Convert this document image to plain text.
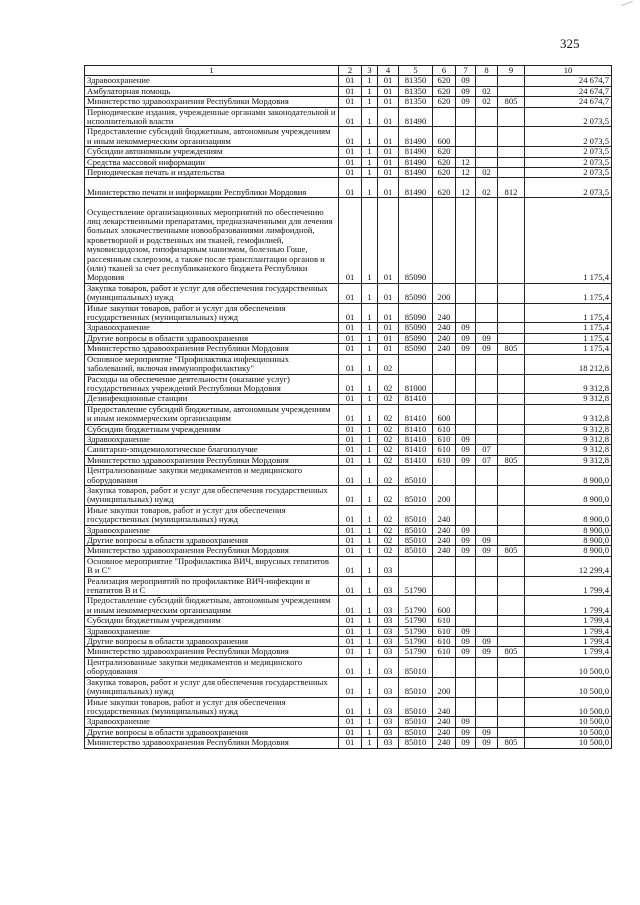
325
1	2	3	4	5	6	7	8	9	10
Здравоохранение	01	1	01	81350	620	09			24 674,7
Амбулаторная помощь	01	1	01	81350	620	09	02		24 674,7
Министерство здравоохранения Республики Мордовия	01	1	01	81350	620	09	02	805	24 674,7
Периодические издания, учрежденные органами законодательной и исполнительной власти	01	1	01	81490					2 073,5
Предоставление субсидий бюджетным, автономным учреждениям и иным некоммерческим организациям	01	1	01	81490	600				2 073,5
Субсидии автономным учреждениям	01	1	01	81490	620				2 073,5
Средства массовой информации	01	1	01	81490	620	12			2 073,5
Периодическая печать и издательства	01	1	01	81490	620	12	02		2 073,5
Министерство печати и информации Республики Мордовия	01	1	01	81490	620	12	02	812	2 073,5
Осуществление организационных мероприятий по обеспечению лиц лекарственными препаратами, предназначенными для лечения больных злокачественными новообразованиями лимфоидной, кроветворной и родственных им тканей, гемофилией, муковисцидозом, гипофизарным нанизмом, болезнью Гоше, рассеянным склерозом, а также после трансплантации органов и (или) тканей за счет республиканского бюджета Республики Мордовия	01	1	01	85090					1 175,4
Закупка товаров, работ и услуг для обеспечения государственных (муниципальных) нужд	01	1	01	85090	200				1 175,4
Иные закупки товаров, работ и услуг для обеспечения государственных (муниципальных) нужд	01	1	01	85090	240				1 175,4
Здравоохранение	01	1	01	85090	240	09			1 175,4
Другие вопросы в области здравоохранения	01	1	01	85090	240	09	09		1 175,4
Министерство здравоохранения Республики Мордовия	01	1	01	85090	240	09	09	805	1 175,4
Основное мероприятие "Профилактика инфекционных заболеваний, включая иммунопрофилактику"	01	1	02						18 212,8
Расходы на обеспечение деятельности (оказание услуг) государственных учреждений Республики Мордовия	01	1	02	81000					9 312,8
Дезинфекционные станции	01	1	02	81410					9 312,8
Предоставление субсидий бюджетным, автономным учреждениям и иным некоммерческим организациям	01	1	02	81410	600				9 312,8
Субсидии бюджетным учреждениям	01	1	02	81410	610				9 312,8
Здравоохранение	01	1	02	81410	610	09			9 312,8
Санитарно-эпидемиологическое благополучие	01	1	02	81410	610	09	07		9 312,8
Министерство здравоохранения Республики Мордовия	01	1	02	81410	610	09	07	805	9 312,8
Централизованные закупки медикаментов и медицинского оборудования	01	1	02	85010					8 900,0
Закупка товаров, работ и услуг для обеспечения государственных (муниципальных) нужд	01	1	02	85010	200				8 900,0
Иные закупки товаров, работ и услуг для обеспечения государственных (муниципальных) нужд	01	1	02	85010	240				8 900,0
Здравоохранение	01	1	02	85010	240	09			8 900,0
Другие вопросы в области здравоохранения	01	1	02	85010	240	09	09		8 900,0
Министерство здравоохранения Республики Мордовия	01	1	02	85010	240	09	09	805	8 900,0
Основное мероприятие "Профилактика ВИЧ, вирусных гепатитов В и С"	01	1	03						12 299,4
Реализация мероприятий по профилактике ВИЧ-инфекции и гепатитов В и С	01	1	03	51790					1 799,4
Предоставление субсидий бюджетным, автономным учреждениям и иным некоммерческим организациям	01	1	03	51790	600				1 799,4
Субсидии бюджетным учреждениям	01	1	03	51790	610				1 799,4
Здравоохранение	01	1	03	51790	610	09			1 799,4
Другие вопросы в области здравоохранения	01	1	03	51790	610	09	09		1 799,4
Министерство здравоохранения Республики Мордовия	01	1	03	51790	610	09	09	805	1 799,4
Централизованные закупки медикаментов и медицинского оборудования	01	1	03	85010					10 500,0
Закупка товаров, работ и услуг для обеспечения государственных (муниципальных) нужд	01	1	03	85010	200				10 500,0
Иные закупки товаров, работ и услуг для обеспечения государственных (муниципальных) нужд	01	1	03	85010	240				10 500,0
Здравоохранение	01	1	03	85010	240	09			10 500,0
Другие вопросы в области здравоохранения	01	1	03	85010	240	09	09		10 500,0
Министерство здравоохранения Республики Мордовия	01	1	03	85010	240	09	09	805	10 500,0
